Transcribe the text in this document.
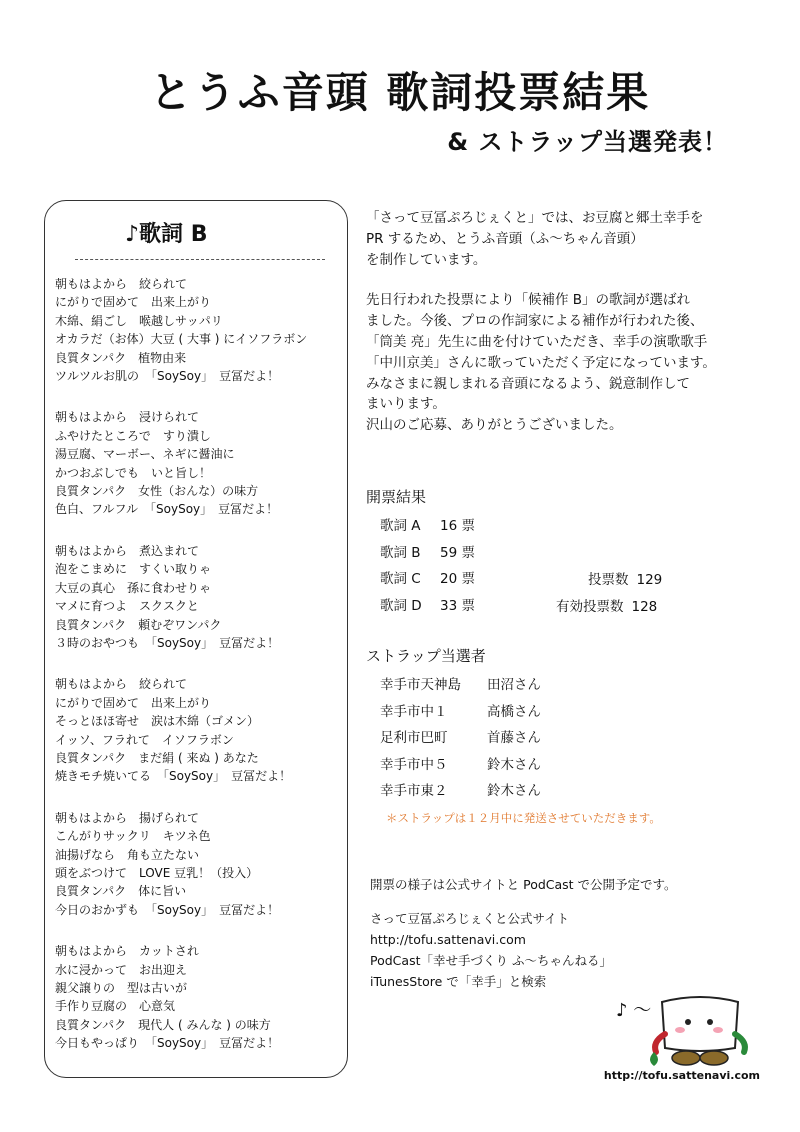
とうふ音頭 歌詞投票結果
& ストラップ当選発表！
♪歌詞 B
朝もはよから　絞られて
にがりで固めて　出来上がり
木綿、絹ごし　喉越しサッパリ
オカラだ（お体）大豆 ( 大事 ) にイソフラボン
良質タンパク　植物由来
ツルツルお肌の　「SoySoy」　豆冨だよ！
朝もはよから　浸けられて
ふやけたところで　すり潰し
湯豆腐、マーボー、ネギに醤油に
かつおぶしでも　いと旨し！
良質タンパク　女性（おんな）の味方
色白、フルフル　「SoySoy」　豆冨だよ！
朝もはよから　煮込まれて
泡をこまめに　すくい取りゃ
大豆の真心　孫に食わせりゃ
マメに育つよ　スクスクと
良質タンパク　頼むぞワンパク
３時のおやつも　「SoySoy」　豆冨だよ！
朝もはよから　絞られて
にがりで固めて　出来上がり
そっとほほ寄せ　涙は木綿（ゴメン）
イッソ、フラれて　イソフラボン
良質タンパク　まだ絹 ( 来ぬ ) あなた
焼きモチ焼いてる　「SoySoy」　豆冨だよ！
朝もはよから　揚げられて
こんがりサックリ　キツネ色
油揚げなら　角も立たない
頭をぶつけて　LOVE 豆乳！（投入）
良質タンパク　体に旨い
今日のおかずも　「SoySoy」　豆冨だよ！
朝もはよから　カットされ
水に浸かって　お出迎え
親父譲りの　型は古いが
手作り豆腐の　心意気
良質タンパク　現代人 ( みんな ) の味方
今日もやっぱり　「SoySoy」　豆冨だよ！
「さって豆冨ぷろじぇくと」では、お豆腐と郷土幸手を
PR するため、とうふ音頭（ふ〜ちゃん音頭）
を制作しています。
先日行われた投票により「候補作 B」の歌詞が選ばれ
ました。今後、プロの作詞家による補作が行われた後、
「筒美 亮」先生に曲を付けていただき、幸手の演歌歌手
「中川京美」さんに歌っていただく予定になっています。
みなさまに親しまれる音頭になるよう、鋭意制作して
まいります。
沢山のご応募、ありがとうございました。
開票結果
歌詞 A 16 票
歌詞 B 59 票
歌詞 C 20 票
歌詞 D 33 票
投票数 129
有効投票数 128
ストラップ当選者
幸手市天神島 田沼さん
幸手市中１	高橋さん
足利市巴町	首藤さん
幸手市中５	鈴木さん
幸手市東２	鈴木さん
＊ストラップは１２月中に発送させていただきます。
開票の様子は公式サイトと PodCast で公開予定です。
さって豆冨ぷろじぇくと公式サイト
http://tofu.sattenavi.com
PodCast「幸せ手づくり ふ〜ちゃんねる」
iTunesStore で「幸手」と検索
♪ ～
http://tofu.sattenavi.com
